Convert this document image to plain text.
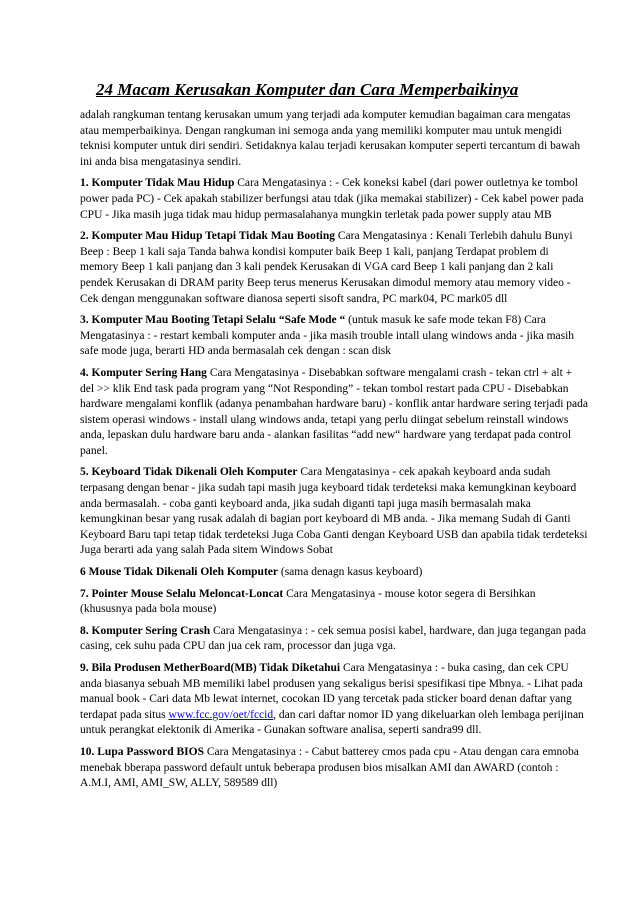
24 Macam Kerusakan Komputer dan Cara Memperbaikinya

adalah rangkuman tentang kerusakan umum yang terjadi ada komputer kemudian bagaiman cara mengatas atau memperbaikinya. Dengan rangkuman ini semoga anda yang memiliki komputer mau untuk mengidi teknisi komputer untuk diri sendiri. Setidaknya kalau terjadi kerusakan komputer seperti tercantum di bawah ini anda bisa mengatasinya sendiri.

1. Komputer Tidak Mau Hidup Cara Mengatasinya : - Cek koneksi kabel (dari power outletnya ke tombol power pada PC) - Cek apakah stabilizer berfungsi atau tdak (jika memakai stabilizer) - Cek kabel power pada CPU - Jika masih juga tidak mau hidup permasalahanya mungkin terletak pada power supply atau MB

2. Komputer Mau Hidup Tetapi Tidak Mau Booting Cara Mengatasinya : Kenali Terlebih dahulu Bunyi Beep : Beep 1 kali saja Tanda bahwa kondisi komputer baik Beep 1 kali, panjang Terdapat problem di memory Beep 1 kali panjang dan 3 kali pendek Kerusakan di VGA card Beep 1 kali panjang dan 2 kali pendek Kerusakan di DRAM parity Beep terus menerus Kerusakan dimodul memory atau memory video - Cek dengan menggunakan software dianosa seperti sisoft sandra, PC mark04, PC mark05 dll

3. Komputer Mau Booting Tetapi Selalu “Safe Mode “ (untuk masuk ke safe mode tekan F8) Cara Mengatasinya : - restart kembali komputer anda - jika masih trouble intall ulang windows anda - jika masih safe mode juga, berarti HD anda bermasalah cek dengan : scan disk

4. Komputer Sering Hang Cara Mengatasinya - Disebabkan software mengalami crash - tekan ctrl + alt + del >> klik End task pada program yang “Not Responding” - tekan tombol restart pada CPU - Disebabkan hardware mengalami konflik (adanya penambahan hardware baru) - konflik antar hardware sering terjadi pada sistem operasi windows - install ulang windows anda, tetapi yang perlu diingat sebelum reinstall windows anda, lepaskan dulu hardware baru anda - alankan fasilitas “add new“ hardware yang terdapat pada control panel.

5. Keyboard Tidak Dikenali Oleh Komputer Cara Mengatasinya - cek apakah keyboard anda sudah terpasang dengan benar - jika sudah tapi masih juga keyboard tidak terdeteksi maka kemungkinan keyboard anda bermasalah. - coba ganti keyboard anda, jika sudah diganti tapi juga masih bermasalah maka kemungkinan besar yang rusak adalah di bagian port keyboard di MB anda. - Jika memang Sudah di Ganti Keyboard Baru tapi tetap tidak terdeteksi Juga Coba Ganti dengan Keyboard USB dan apabila tidak terdeteksi Juga berarti ada yang salah Pada sitem Windows Sobat

6 Mouse Tidak Dikenali Oleh Komputer (sama denagn kasus keyboard)

7. Pointer Mouse Selalu Meloncat-Loncat Cara Mengatasinya - mouse kotor segera di Bersihkan (khususnya pada bola mouse)

8. Komputer Sering Crash Cara Mengatasinya : - cek semua posisi kabel, hardware, dan juga tegangan pada casing, cek suhu pada CPU dan jua cek ram, processor dan juga vga.

9. Bila Produsen MetherBoard(MB) Tidak Diketahui Cara Mengatasinya : - buka casing, dan cek CPU anda biasanya sebuah MB memiliki label produsen yang sekaligus berisi spesifikasi tipe Mbnya. - Lihat pada manual book - Cari data Mb lewat internet, cocokan ID yang tercetak pada sticker board denan daftar yang terdapat pada situs www.fcc.gov/oet/fccid, dan cari daftar nomor ID yang dikeluarkan oleh lembaga perijinan untuk perangkat elektonik di Amerika - Gunakan software analisa, seperti sandra99 dll.

10. Lupa Password BIOS Cara Mengatasinya : - Cabut batterey cmos pada cpu - Atau dengan cara emnoba menebak bberapa password default untuk beberapa produsen bios misalkan AMI dan AWARD (contoh : A.M.I, AMI, AMI_SW, ALLY, 589589 dll)
